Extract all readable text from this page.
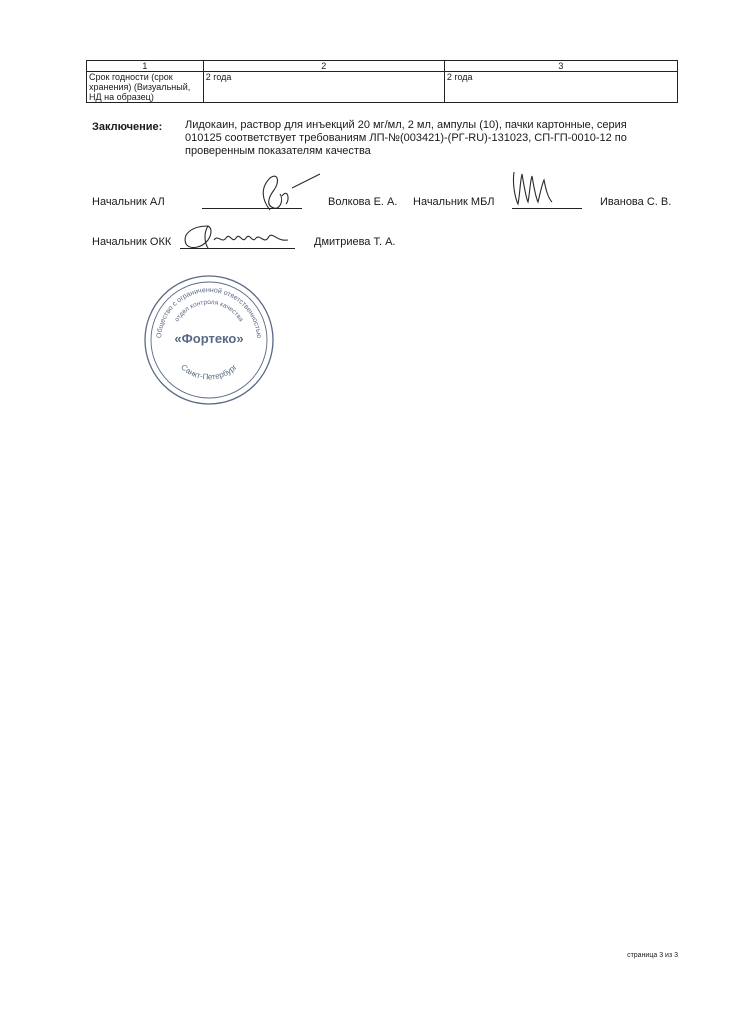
1	2	3

Срок годности (срок
хранения) (Визуальный,
НД на образец)	2 года	2 года
Заключение: Лидокаин, раствор для инъекций 20 мг/мл, 2 мл, ампулы (10), пачки картонные, серия
010125 соответствует требованиям ЛП-№(003421)-(РГ-RU)-131023, СП-ГП-0010-12 по
проверенным показателям качества
Начальник АЛ	Волкова Е. А. Начальник МБЛ	Иванова С. В.
Начальник ОКК	Дмитриева Т. А.
Общество с ограниченной ответственностью
отдел контроля качества
«Фортеко»
Санкт-Петербург
страница 3 из 3
